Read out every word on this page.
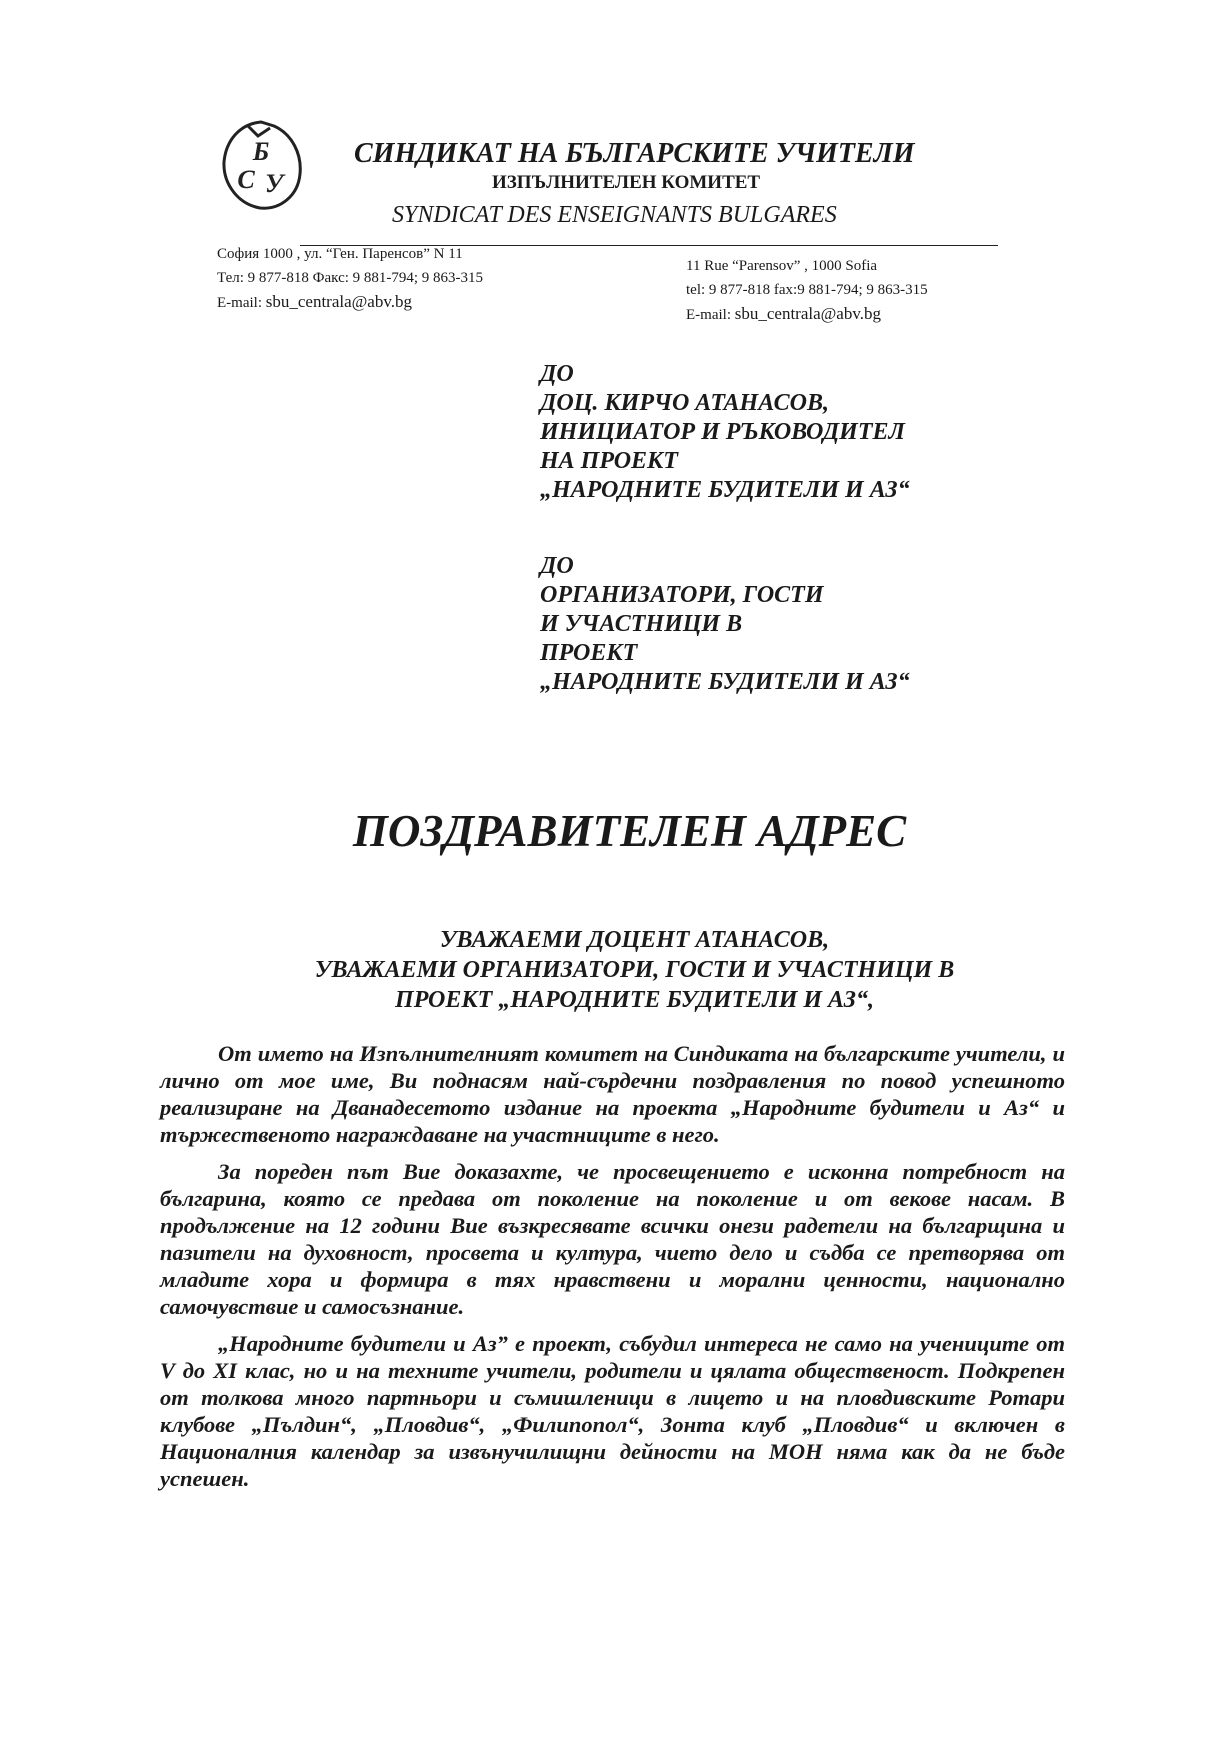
Б
С У
СИНДИКАТ НА БЪЛГАРСКИТЕ УЧИТЕЛИ
ИЗПЪЛНИТЕЛЕН КОМИТЕТ
SYNDICAT DES ENSEIGNANTS BULGARES
София 1000 , ул. “Ген. Паренсов” N 11
Тел: 9 877-818 Факс: 9 881-794; 9 863-315
E-mail: sbu_centrala@abv.bg
11 Rue “Parensov” , 1000 Sofia
tel: 9 877-818 fax:9 881-794; 9 863-315
E-mail: sbu_centrala@abv.bg
ДО
ДОЦ. КИРЧО АТАНАСОВ,
ИНИЦИАТОР И РЪКОВОДИТЕЛ
НА ПРОЕКТ
„НАРОДНИТЕ БУДИТЕЛИ И АЗ“
ДО
ОРГАНИЗАТОРИ, ГОСТИ
И УЧАСТНИЦИ В
ПРОЕКТ
„НАРОДНИТЕ БУДИТЕЛИ И АЗ“
ПОЗДРАВИТЕЛЕН АДРЕС
УВАЖАЕМИ ДОЦЕНТ АТАНАСОВ,
УВАЖАЕМИ ОРГАНИЗАТОРИ, ГОСТИ И УЧАСТНИЦИ В
ПРОЕКТ „НАРОДНИТЕ БУДИТЕЛИ И АЗ“,

От името на Изпълнителният комитет на Синдиката на българските учители, и лично от мое име, Ви поднасям най-сърдечни поздравления по повод успешното реализиране на Дванадесетото издание на проекта „Народните будители и Аз“ и тържественото награждаване на участниците в него.

За пореден път Вие доказахте, че просвещението е исконна потребност на българина, която се предава от поколение на поколение и от векове насам. В продължение на 12 години Вие възкресявате всички онези радетели на българщина и пазители на духовност, просвета и култура, чието дело и съдба се претворява от младите хора и формира в тях нравствени и морални ценности, национално самочувствие и самосъзнание.

„Народните будители и Аз” е проект, събудил интереса не само на учениците от V до XI клас, но и на техните учители, родители и цялата общественост. Подкрепен от толкова много партньори и съмишленици в лицето и на пловдивските Ротари клубове „Пълдин“, „Пловдив“, „Филипопол“, Зонта клуб „Пловдив“ и включен в Националния календар за извънучилищни дейности на МОН няма как да не бъде успешен.
